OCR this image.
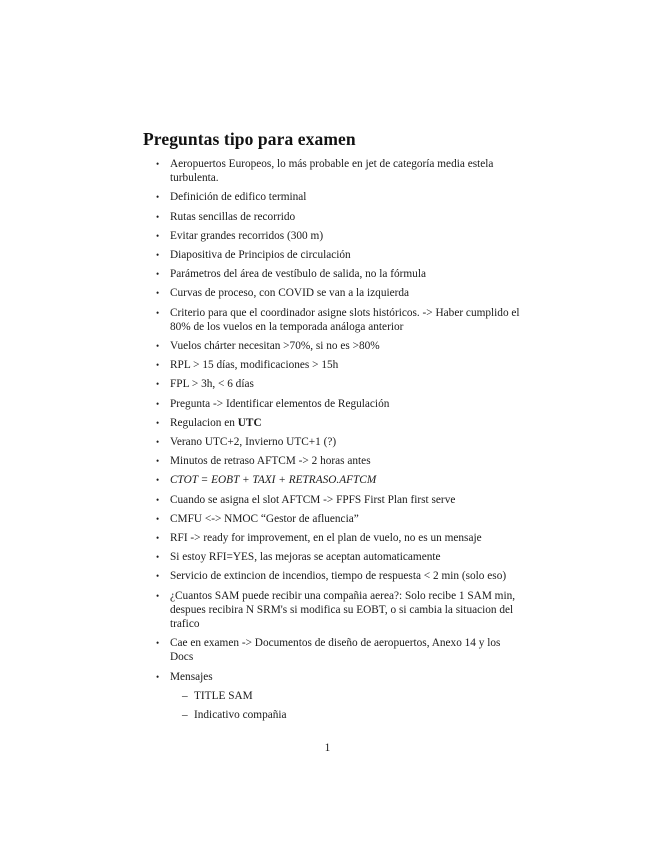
Preguntas tipo para examen
• Aeropuertos Europeos, lo más probable en jet de categoría media estela turbulenta.
• Definición de edifico terminal
• Rutas sencillas de recorrido
• Evitar grandes recorridos (300 m)
• Diapositiva de Principios de circulación
• Parámetros del área de vestíbulo de salida, no la fórmula
• Curvas de proceso, con COVID se van a la izquierda
• Criterio para que el coordinador asigne slots históricos. -> Haber cumplido el 80% de los vuelos en la temporada análoga anterior
• Vuelos chárter necesitan >70%, si no es >80%
• RPL > 15 días, modificaciones > 15h
• FPL > 3h, < 6 días
• Pregunta -> Identificar elementos de Regulación
• Regulacion en UTC
• Verano UTC+2, Invierno UTC+1 (?)
• Minutos de retraso AFTCM -> 2 horas antes
• CTOT = EOBT + TAXI + RETRASO.AFTCM
• Cuando se asigna el slot AFTCM -> FPFS First Plan first serve
• CMFU <-> NMOC “Gestor de afluencia”
• RFI -> ready for improvement, en el plan de vuelo, no es un mensaje
• Si estoy RFI=YES, las mejoras se aceptan automaticamente
• Servicio de extincion de incendios, tiempo de respuesta < 2 min (solo eso)
• ¿Cuantos SAM puede recibir una compañia aerea?: Solo recibe 1 SAM min, despues recibira N SRM's si modifica su EOBT, o si cambia la situacion del trafico
• Cae en examen -> Documentos de diseño de aeropuertos, Anexo 14 y los Docs
• Mensajes
– TITLE SAM
– Indicativo compañia
1
